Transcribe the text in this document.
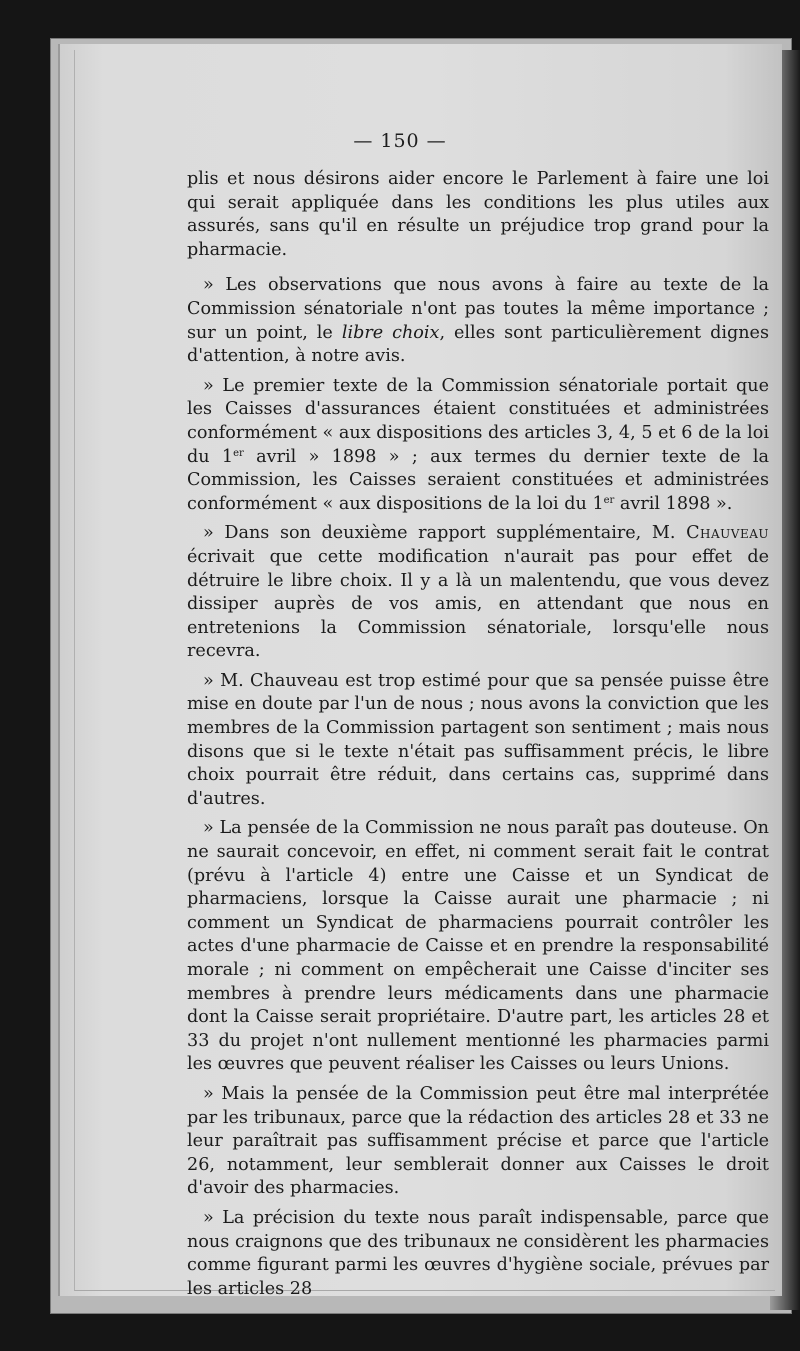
— 150 —

plis et nous désirons aider encore le Parlement à faire une loi qui serait appliquée dans les conditions les plus utiles aux assurés, sans qu'il en résulte un préjudice trop grand pour la pharmacie.

» Les observations que nous avons à faire au texte de la Commission sénatoriale n'ont pas toutes la même importance ; sur un point, le libre choix, elles sont particulièrement dignes d'attention, à notre avis.

» Le premier texte de la Commission sénatoriale portait que les Caisses d'assurances étaient constituées et administrées conformément « aux dispositions des articles 3, 4, 5 et 6 de la loi du 1er avril » 1898 » ; aux termes du dernier texte de la Commission, les Caisses seraient constituées et administrées conformément « aux dispositions de la loi du 1er avril 1898 ».

» Dans son deuxième rapport supplémentaire, M. Chauveau écrivait que cette modification n'aurait pas pour effet de détruire le libre choix. Il y a là un malentendu, que vous devez dissiper auprès de vos amis, en attendant que nous en entretenions la Commission sénatoriale, lorsqu'elle nous recevra.

» M. Chauveau est trop estimé pour que sa pensée puisse être mise en doute par l'un de nous ; nous avons la conviction que les membres de la Commission partagent son sentiment ; mais nous disons que si le texte n'était pas suffisamment précis, le libre choix pourrait être réduit, dans certains cas, supprimé dans d'autres.

» La pensée de la Commission ne nous paraît pas douteuse. On ne saurait concevoir, en effet, ni comment serait fait le contrat (prévu à l'article 4) entre une Caisse et un Syndicat de pharmaciens, lorsque la Caisse aurait une pharmacie ; ni comment un Syndicat de pharmaciens pourrait contrôler les actes d'une pharmacie de Caisse et en prendre la responsabilité morale ; ni comment on empêcherait une Caisse d'inciter ses membres à prendre leurs médicaments dans une pharmacie dont la Caisse serait propriétaire. D'autre part, les articles 28 et 33 du projet n'ont nullement mentionné les pharmacies parmi les œuvres que peuvent réaliser les Caisses ou leurs Unions.

» Mais la pensée de la Commission peut être mal interprétée par les tribunaux, parce que la rédaction des articles 28 et 33 ne leur paraîtrait pas suffisamment précise et parce que l'article 26, notamment, leur semblerait donner aux Caisses le droit d'avoir des pharmacies.

» La précision du texte nous paraît indispensable, parce que nous craignons que des tribunaux ne considèrent les pharmacies comme figurant parmi les œuvres d'hygiène sociale, prévues par les articles 28
